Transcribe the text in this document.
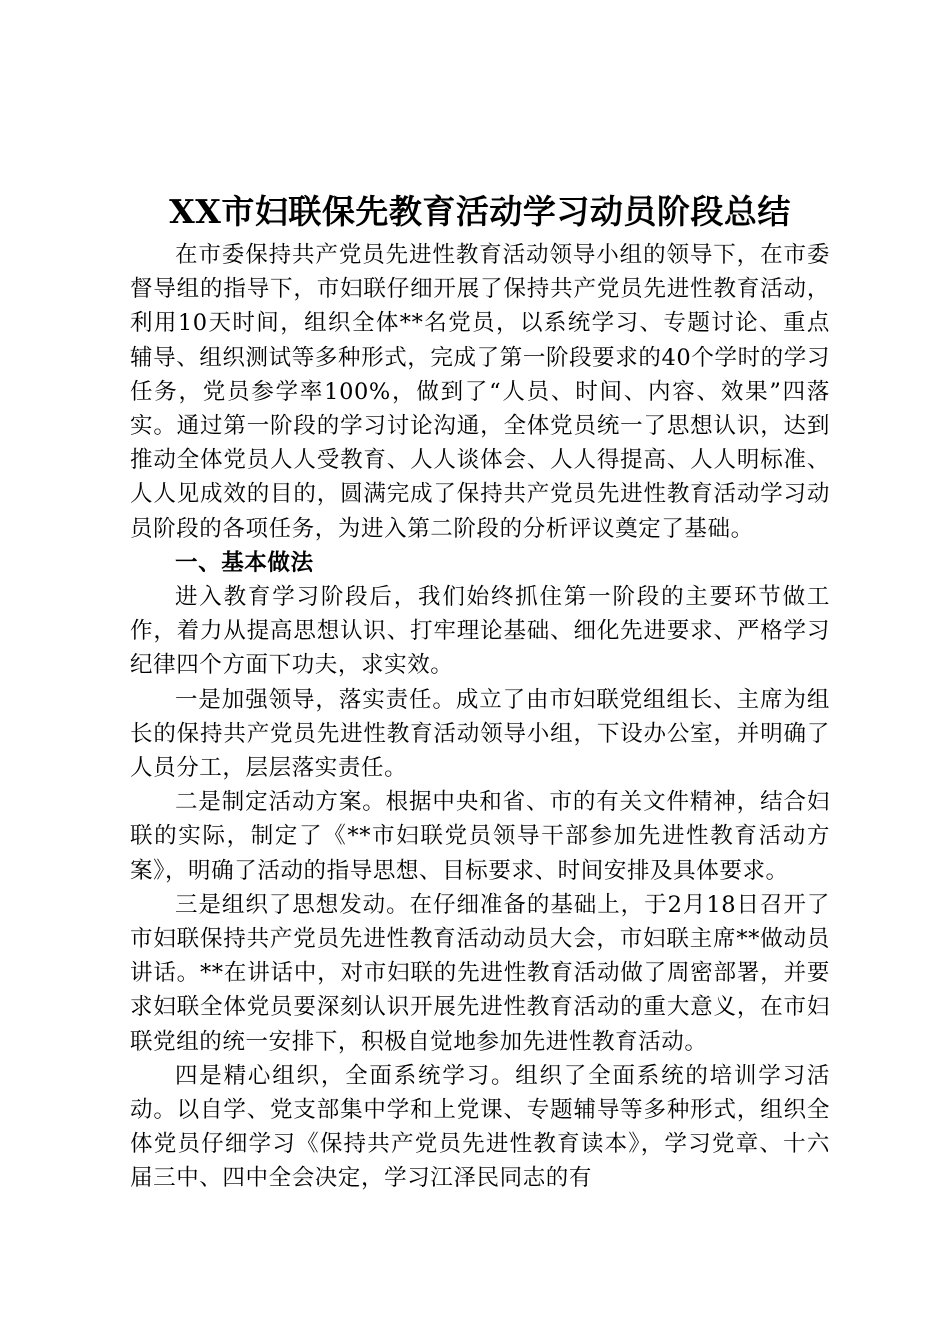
XX市妇联保先教育活动学习动员阶段总结

在市委保持共产党员先进性教育活动领导小组的领导下，在市委督导组的指导下，市妇联仔细开展了保持共产党员先进性教育活动，利用10天时间，组织全体**名党员，以系统学习、专题讨论、重点辅导、组织测试等多种形式，完成了第一阶段要求的40个学时的学习任务，党员参学率100%，做到了“人员、时间、内容、效果”四落实。通过第一阶段的学习讨论沟通，全体党员统一了思想认识，达到推动全体党员人人受教育、人人谈体会、人人得提高、人人明标准、人人见成效的目的，圆满完成了保持共产党员先进性教育活动学习动员阶段的各项任务，为进入第二阶段的分析评议奠定了基础。

一、基本做法

进入教育学习阶段后，我们始终抓住第一阶段的主要环节做工作，着力从提高思想认识、打牢理论基础、细化先进要求、严格学习纪律四个方面下功夫，求实效。

一是加强领导，落实责任。成立了由市妇联党组组长、主席为组长的保持共产党员先进性教育活动领导小组，下设办公室，并明确了人员分工，层层落实责任。

二是制定活动方案。根据中央和省、市的有关文件精神，结合妇联的实际，制定了《**市妇联党员领导干部参加先进性教育活动方案》，明确了活动的指导思想、目标要求、时间安排及具体要求。

三是组织了思想发动。在仔细准备的基础上，于2月18日召开了市妇联保持共产党员先进性教育活动动员大会，市妇联主席**做动员讲话。**在讲话中，对市妇联的先进性教育活动做了周密部署，并要求妇联全体党员要深刻认识开展先进性教育活动的重大意义，在市妇联党组的统一安排下，积极自觉地参加先进性教育活动。

四是精心组织，全面系统学习。组织了全面系统的培训学习活动。以自学、党支部集中学和上党课、专题辅导等多种形式，组织全体党员仔细学习《保持共产党员先进性教育读本》，学习党章、十六届三中、四中全会决定，学习江泽民同志的有
